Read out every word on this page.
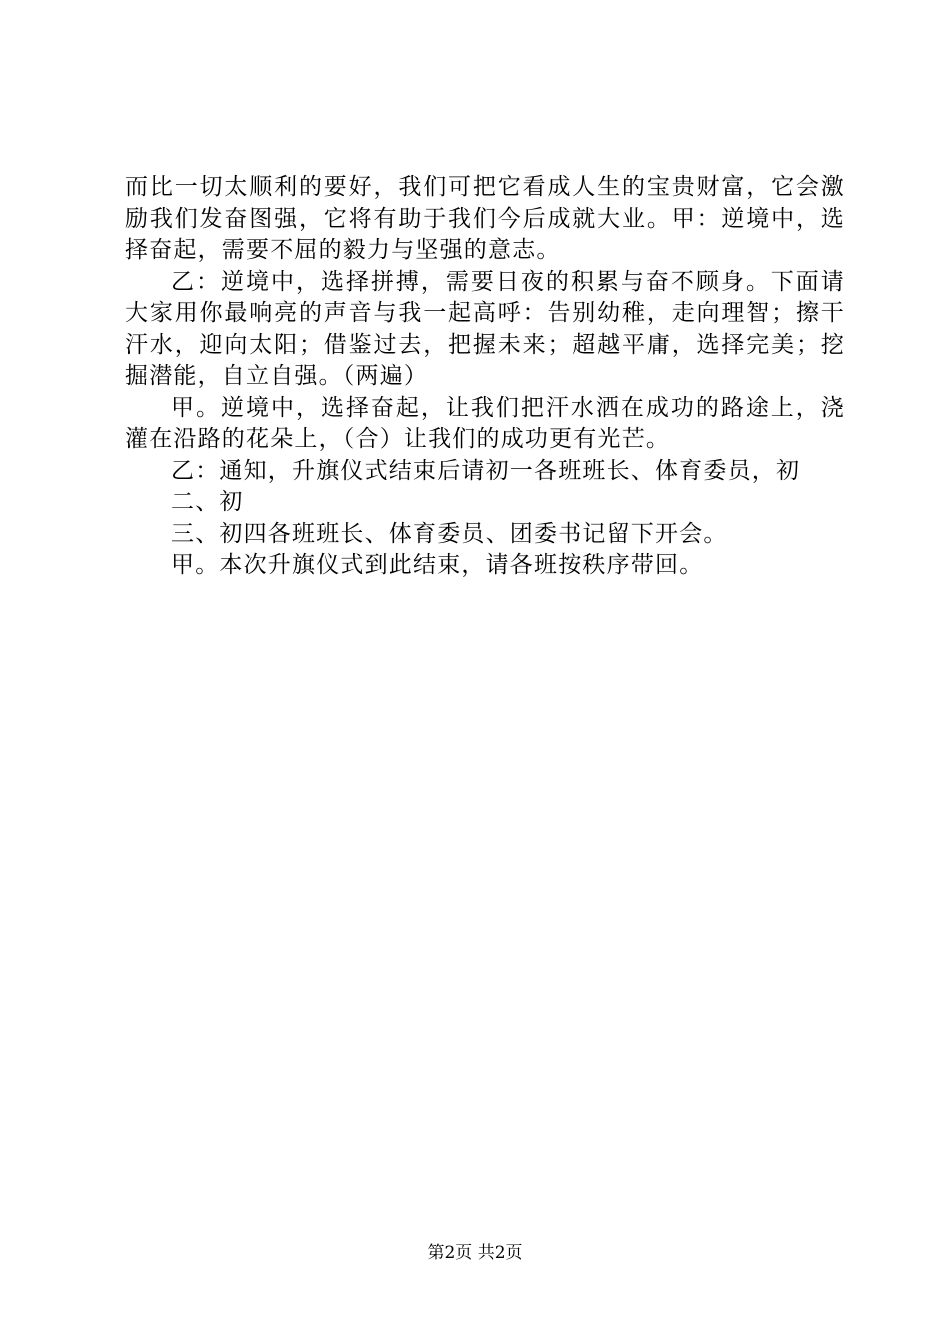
而比一切太顺利的要好，我们可把它看成人生的宝贵财富，它会激励我们发奋图强，它将有助于我们今后成就大业。甲：逆境中，选择奋起，需要不屈的毅力与坚强的意志。

乙：逆境中，选择拼搏，需要日夜的积累与奋不顾身。下面请大家用你最响亮的声音与我一起高呼：告别幼稚，走向理智；擦干汗水，迎向太阳；借鉴过去，把握未来；超越平庸，选择完美；挖掘潜能，自立自强。（两遍）

甲。逆境中，选择奋起，让我们把汗水洒在成功的路途上，浇灌在沿路的花朵上，（合）让我们的成功更有光芒。

乙：通知，升旗仪式结束后请初一各班班长、体育委员，初

二、初

三、初四各班班长、体育委员、团委书记留下开会。

甲。本次升旗仪式到此结束，请各班按秩序带回。

第2页 共2页
